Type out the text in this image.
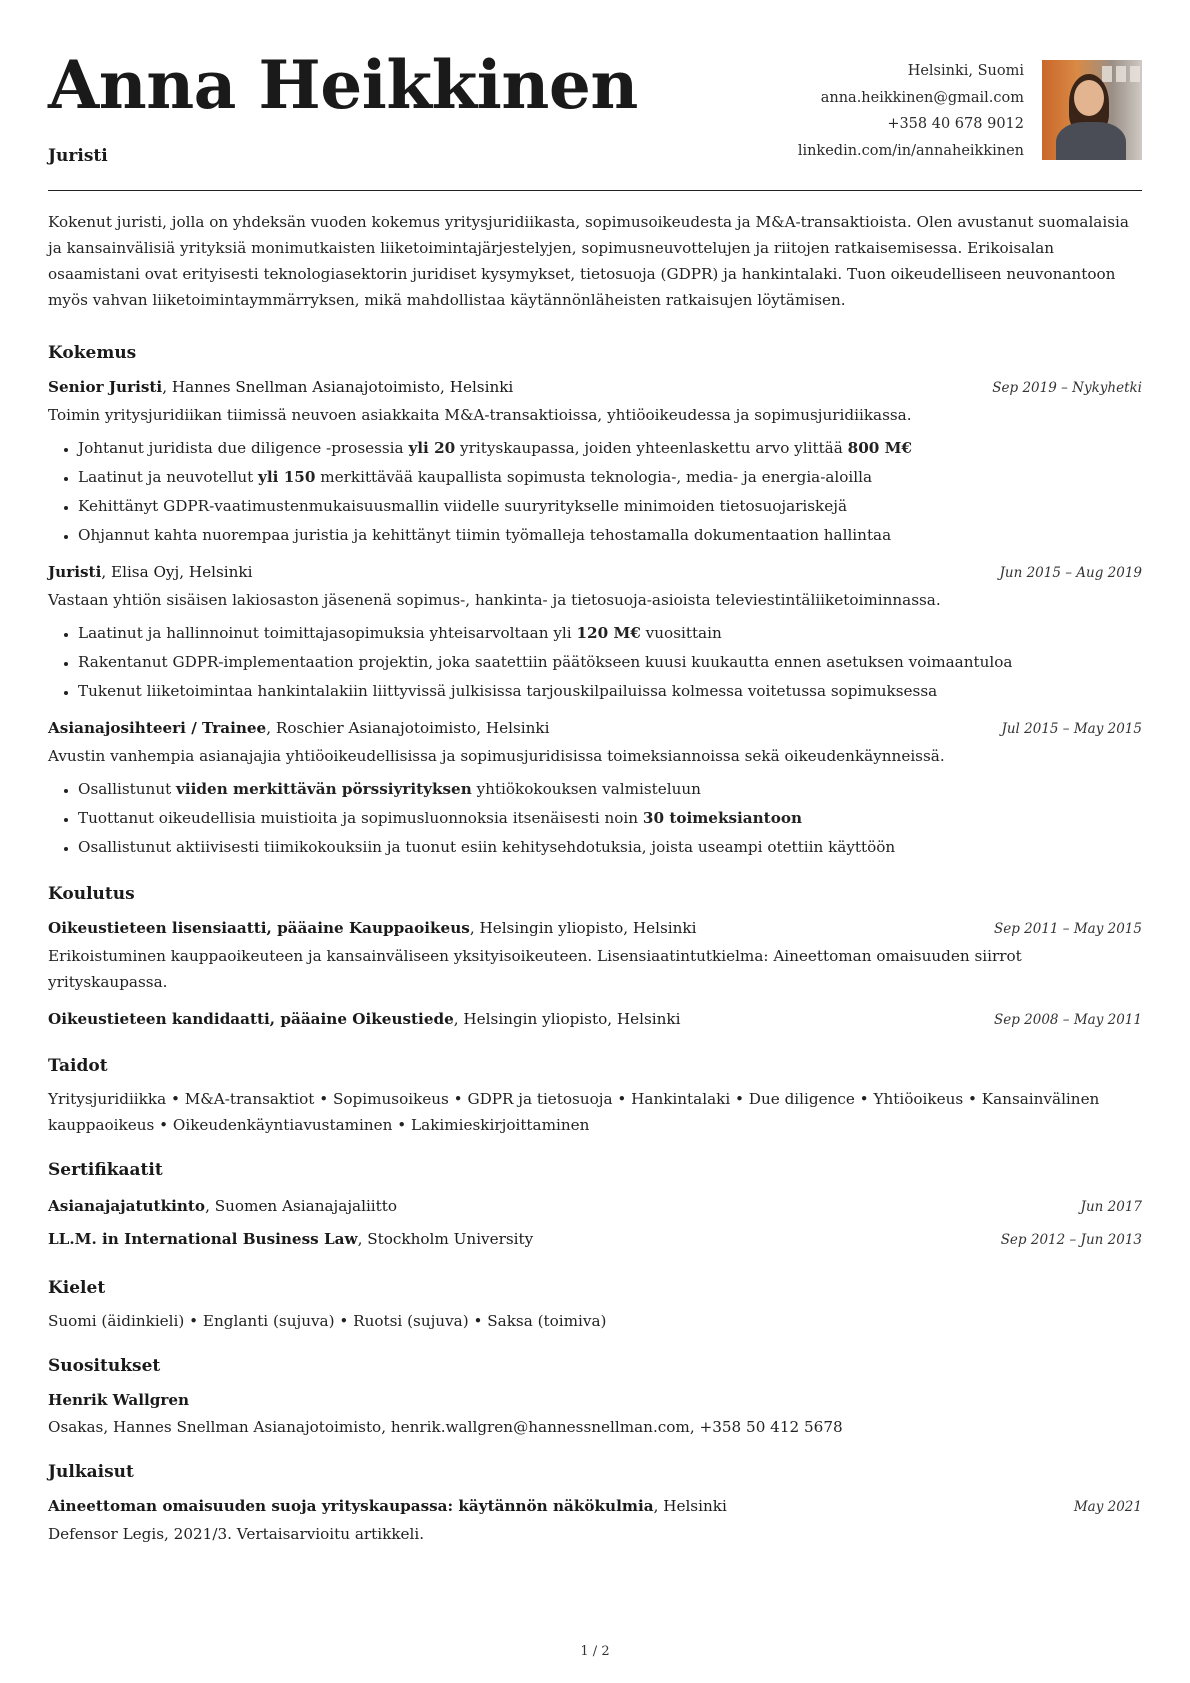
Anna Heikkinen
Juristi
Helsinki, Suomi
anna.heikkinen@gmail.com
+358 40 678 9012
linkedin.com/in/annaheikkinen
Kokenut juristi, jolla on yhdeksän vuoden kokemus yritysjuridiikasta, sopimusoikeudesta ja M&A-transaktioista. Olen avustanut suomalaisia ja kansainvälisiä yrityksiä monimutkaisten liiketoimintajärjestelyjen, sopimusneuvottelujen ja riitojen ratkaisemisessa. Erikoisalan osaamistani ovat erityisesti teknologiasektorin juridiset kysymykset, tietosuoja (GDPR) ja hankintalaki. Tuon oikeudelliseen neuvonantoon myös vahvan liiketoimintaymmärryksen, mikä mahdollistaa käytännönläheisten ratkaisujen löytämisen.
Kokemus
Senior Juristi, Hannes Snellman Asianajotoimisto, Helsinki	Sep 2019 – Nykyhetki
Toimin yritysjuridiikan tiimissä neuvoen asiakkaita M&A-transaktioissa, yhtiöoikeudessa ja sopimusjuridiikassa.
• Johtanut juridista due diligence -prosessia yli 20 yrityskaupassa, joiden yhteenlaskettu arvo ylittää 800 M€
• Laatinut ja neuvotellut yli 150 merkittävää kaupallista sopimusta teknologia-, media- ja energia-aloilla
• Kehittänyt GDPR-vaatimustenmukaisuusmallin viidelle suuryritykselle minimoiden tietosuojariskejä
• Ohjannut kahta nuorempaa juristia ja kehittänyt tiimin työmalleja tehostamalla dokumentaation hallintaa
Juristi, Elisa Oyj, Helsinki	Jun 2015 – Aug 2019
Vastaan yhtiön sisäisen lakiosaston jäsenenä sopimus-, hankinta- ja tietosuoja-asioista televiestintäliiketoiminnassa.
• Laatinut ja hallinnoinut toimittajasopimuksia yhteisarvoltaan yli 120 M€ vuosittain
• Rakentanut GDPR-implementaation projektin, joka saatettiin päätökseen kuusi kuukautta ennen asetuksen voimaantuloa
• Tukenut liiketoimintaa hankintalakiin liittyvissä julkisissa tarjouskilpailuissa kolmessa voitetussa sopimuksessa
Asianajosihteeri / Trainee, Roschier Asianajotoimisto, Helsinki	Jul 2015 – May 2015
Avustin vanhempia asianajajia yhtiöoikeudellisissa ja sopimusjuridisissa toimeksiannoissa sekä oikeudenkäynneissä.
• Osallistunut viiden merkittävän pörssiyrityksen yhtiökokouksen valmisteluun
• Tuottanut oikeudellisia muistioita ja sopimusluonnoksia itsenäisesti noin 30 toimeksiantoon
• Osallistunut aktiivisesti tiimikokouksiin ja tuonut esiin kehitysehdotuksia, joista useampi otettiin käyttöön
Koulutus
Oikeustieteen lisensiaatti, pääaine Kauppaoikeus, Helsingin yliopisto, Helsinki	Sep 2011 – May 2015
Erikoistuminen kauppaoikeuteen ja kansainväliseen yksityisoikeuteen. Lisensiaatintutkielma: Aineettoman omaisuuden siirrot yrityskaupassa.
Oikeustieteen kandidaatti, pääaine Oikeustiede, Helsingin yliopisto, Helsinki	Sep 2008 – May 2011
Taidot
Yritysjuridiikka • M&A-transaktiot • Sopimusoikeus • GDPR ja tietosuoja • Hankintalaki • Due diligence • Yhtiöoikeus • Kansainvälinen kauppaoikeus • Oikeudenkäyntiavustaminen • Lakimieskirjoittaminen
Sertifikaatit
Asianajajatutkinto, Suomen Asianajajaliitto	Jun 2017
LL.M. in International Business Law, Stockholm University	Sep 2012 – Jun 2013
Kielet
Suomi (äidinkieli) • Englanti (sujuva) • Ruotsi (sujuva) • Saksa (toimiva)
Suositukset
Henrik Wallgren
Osakas, Hannes Snellman Asianajotoimisto, henrik.wallgren@hannessnellman.com, +358 50 412 5678
Julkaisut
Aineettoman omaisuuden suoja yrityskaupassa: käytännön näkökulmia, Helsinki	May 2021
Defensor Legis, 2021/3. Vertaisarvioitu artikkeli.
1 / 2
